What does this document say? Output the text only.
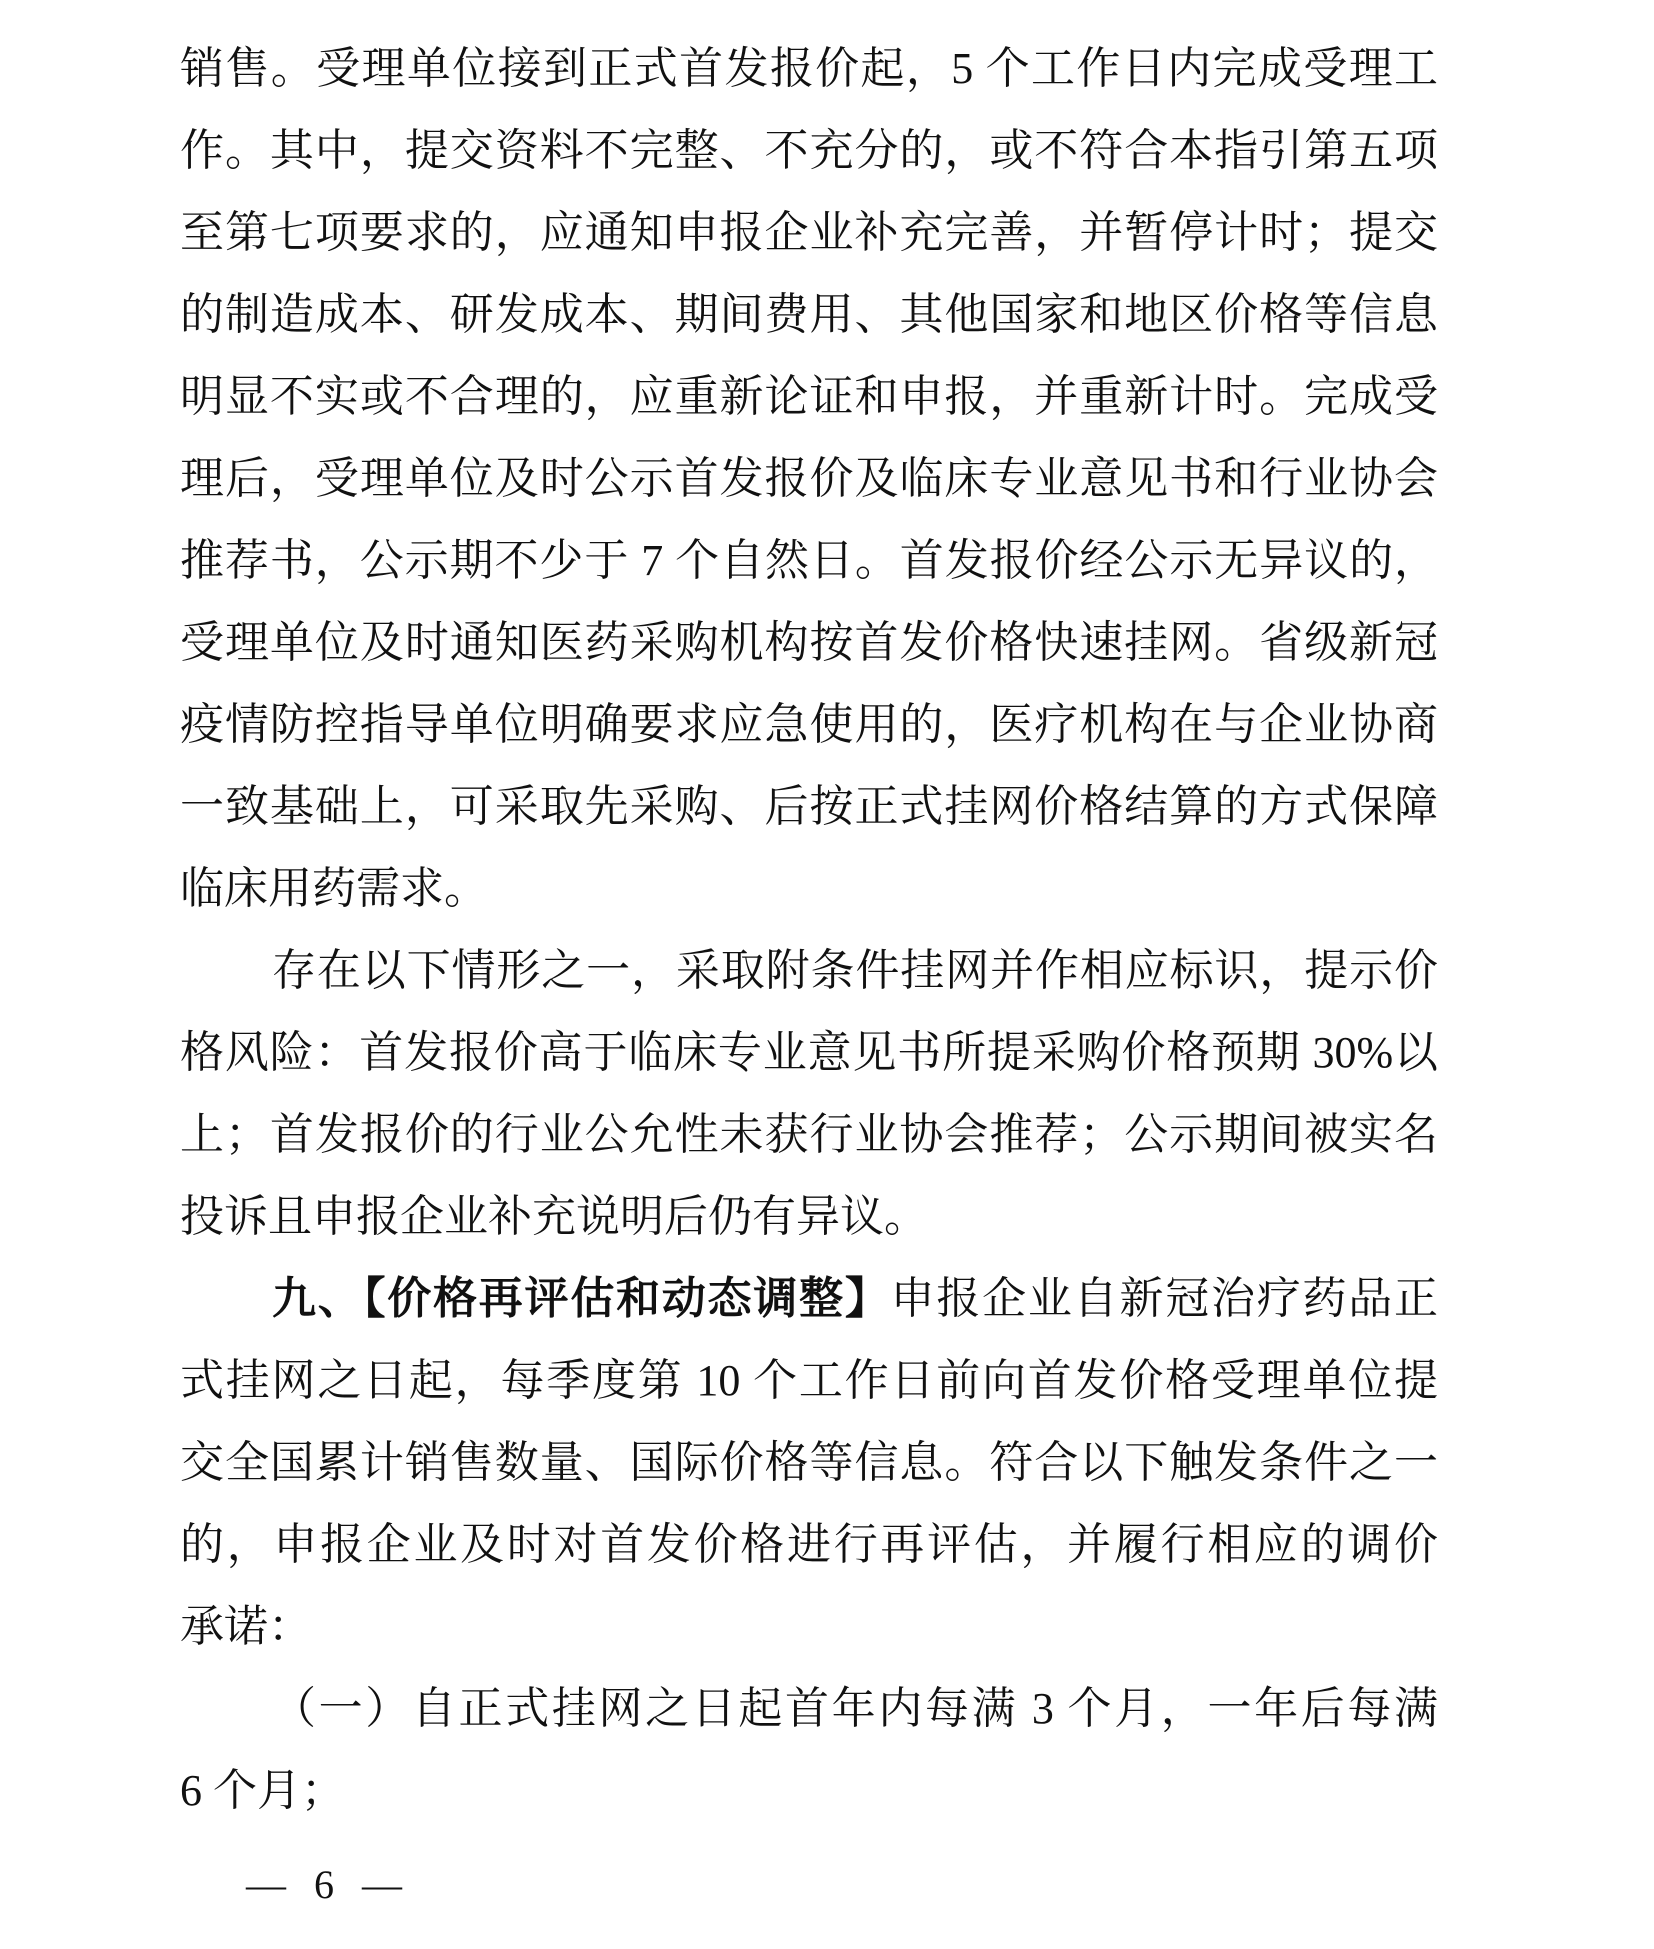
销售。受理单位接到正式首发报价起，5 个工作日内完成受理工
作。其中，提交资料不完整、不充分的，或不符合本指引第五项
至第七项要求的，应通知申报企业补充完善，并暂停计时；提交
的制造成本、研发成本、期间费用、其他国家和地区价格等信息
明显不实或不合理的，应重新论证和申报，并重新计时。完成受
理后，受理单位及时公示首发报价及临床专业意见书和行业协会
推荐书，公示期不少于 7 个自然日。首发报价经公示无异议的，
受理单位及时通知医药采购机构按首发价格快速挂网。省级新冠
疫情防控指导单位明确要求应急使用的，医疗机构在与企业协商
一致基础上，可采取先采购、后按正式挂网价格结算的方式保障
临床用药需求。
存在以下情形之一，采取附条件挂网并作相应标识，提示价
格风险：首发报价高于临床专业意见书所提采购价格预期 30%以
上；首发报价的行业公允性未获行业协会推荐；公示期间被实名
投诉且申报企业补充说明后仍有异议。
九、【价格再评估和动态调整】申报企业自新冠治疗药品正
式挂网之日起，每季度第 10 个工作日前向首发价格受理单位提
交全国累计销售数量、国际价格等信息。符合以下触发条件之一
的，申报企业及时对首发价格进行再评估，并履行相应的调价
承诺：
（一）自正式挂网之日起首年内每满 3 个月，一年后每满
6 个月；
— 6 —
